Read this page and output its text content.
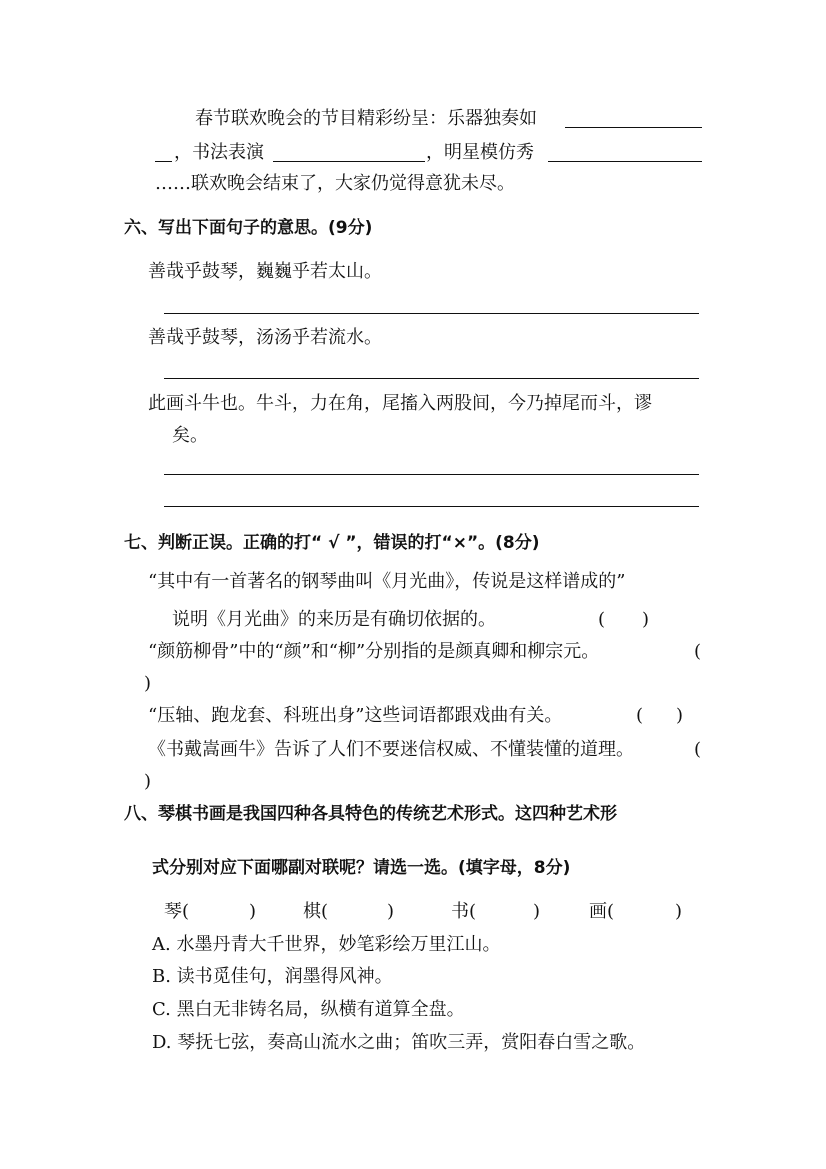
春节联欢晚会的节目精彩纷呈：乐器独奏如
，书法表演	，明星模仿秀
……联欢晚会结束了，大家仍觉得意犹未尽。
六、写出下面句子的意思。(9分)
善哉乎鼓琴，巍巍乎若太山。
善哉乎鼓琴，汤汤乎若流水。
此画斗牛也。牛斗，力在角，尾搐入两股间，今乃掉尾而斗，谬
矣。
七、判断正误。正确的打“ √ ”，错误的打“×”。(8分)
“其中有一首著名的钢琴曲叫《月光曲》，传说是这样谱成的”
说明《月光曲》的来历是有确切依据的。	( )
“颜筋柳骨”中的“颜”和“柳”分别指的是颜真卿和柳宗元。	(
)
“压轴、跑龙套、科班出身”这些词语都跟戏曲有关。	( )
《书戴嵩画牛》告诉了人们不要迷信权威、不懂装懂的道理。	(
)
八、琴棋书画是我国四种各具特色的传统艺术形式。这四种艺术形
式分别对应下面哪副对联呢？请选一选。(填字母，8分)
琴(	)	棋(	)	书(	)	画(	)
A. 水墨丹青大千世界，妙笔彩绘万里江山。
B. 读书觅佳句，润墨得风神。
C. 黑白无非铸名局，纵横有道算全盘。
D. 琴抚七弦，奏高山流水之曲；笛吹三弄，赏阳春白雪之歌。
